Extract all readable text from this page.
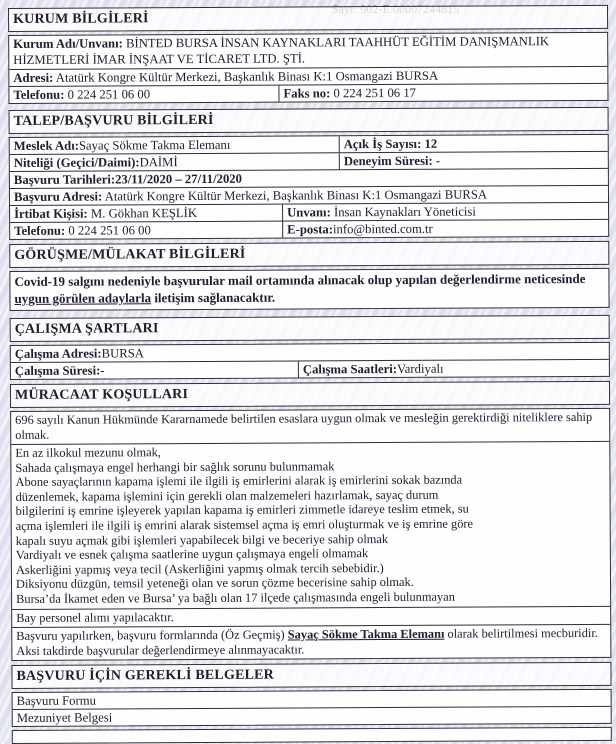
KURUM BİLGİLERİ
Kurum Adı/Unvanı: BİNTED BURSA İNSAN KAYNAKLARI TAAHHÜT EĞİTİM DANIŞMANLIK HİZMETLERİ İMAR İNŞAAT VE TİCARET LTD. ŞTİ.
Adresi: Atatürk Kongre Kültür Merkezi, Başkanlık Binası K:1 Osmangazi BURSA
Telefonu: 0 224 251 06 00	Faks no: 0 224 251 06 17
TALEP/BAŞVURU BİLGİLERİ
Meslek Adı:Sayaç Sökme Takma Elemanı	Açık İş Sayısı: 12
Niteliği (Geçici/Daimi):DAİMİ	Deneyim Süresi: -
Başvuru Tarihleri:23/11/2020 – 27/11/2020
Başvuru Adresi: Atatürk Kongre Kültür Merkezi, Başkanlık Binası K:1 Osmangazi BURSA
İrtibat Kişisi: M. Gökhan KEŞLİK	Unvanı: İnsan Kaynakları Yöneticisi
Telefonu: 0 224 251 06 00	E-posta:info@binted.com.tr
GÖRÜŞME/MÜLAKAT BİLGİLERİ
Covid-19 salgını nedeniyle başvurular mail ortamında alınacak olup yapılan değerlendirme neticesinde uygun görülen adaylarla iletişim sağlanacaktır.
ÇALIŞMA ŞARTLARI
Çalışma Adresi:BURSA
Çalışma Süresi:-	Çalışma Saatleri:Vardiyalı
MÜRACAAT KOŞULLARI
696 sayılı Kanun Hükmünde Kararnamede belirtilen esaslara uygun olmak ve mesleğin gerektirdiği niteliklere sahip olmak.
En az ilkokul mezunu olmak,
Sahada çalışmaya engel herhangi bir sağlık sorunu bulunmamak
Abone sayaçlarının kapama işlemi ile ilgili iş emirlerini alarak iş emirlerini sokak bazında
düzenlemek, kapama işlemini için gerekli olan malzemeleri hazırlamak, sayaç durum
bilgilerini iş emrine işleyerek yapılan kapama iş emirleri zimmetle idareye teslim etmek, su
açma işlemleri ile ilgili iş emrini alarak sistemsel açma iş emri oluşturmak ve iş emrine göre
kapalı suyu açmak gibi işlemleri yapabilecek bilgi ve beceriye sahip olmak
Vardiyalı ve esnek çalışma saatlerine uygun çalışmaya engeli olmamak
Askerliğini yapmış veya tecil (Askerliğini yapmış olmak tercih sebebidir.)
Diksiyonu düzgün, temsil yeteneği olan ve sorun çözme becerisine sahip olmak.
Bursa’da İkamet eden ve Bursa’ ya bağlı olan 17 ilçede çalışmasında engeli bulunmayan
Bay personel alımı yapılacaktır.
Başvuru yapılırken, başvuru formlarında (Öz Geçmiş) Sayaç Sökme Takma Elemanı olarak belirtilmesi mecburidir. Aksi takdirde başvurular değerlendirmeye alınmayacaktır.
BAŞVURU İÇİN GEREKLİ BELGELER
Başvuru Formu
Mezuniyet Belgesi
